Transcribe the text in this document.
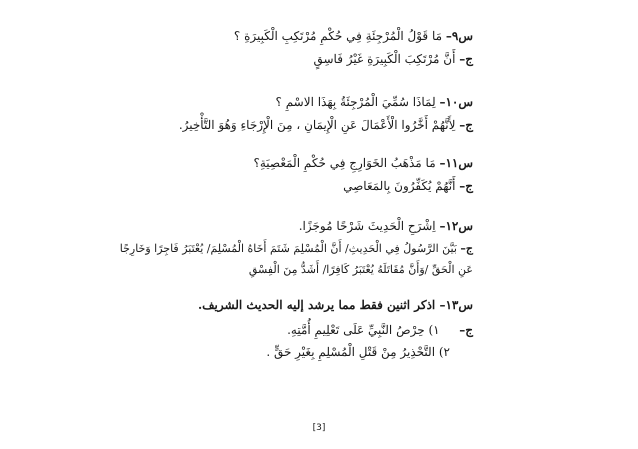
س٩– مَا قَوْلُ الْمُرْجِئَةِ فِي حُكْمِ مُرْتَكِبِ الْكَبِيرَةِ ؟
ج– أَنَّ مُرْتَكِبَ الْكَبِيرَةِ غَيْرُ فَاسِقٍ
س١٠– لِمَاذَا سُمِّيَ الْمُرْجِئَةُ بِهَذَا الاسْمِ ؟
ج– لِأَنَّهُمْ أَخَّرُوا الْأَعْمَالَ عَنِ الْإِيمَانِ ، مِنَ الْإِرْجَاءِ وَهُوَ التَّأْخِيرُ.
س١١– مَا مَذْهَبُ الخَوَارِجِ فِي حُكْمِ الْمَعْصِيَةِ؟
ج– أَنَّهُمْ يُكَفِّرُونَ بِالمَعَاصِي
س١٢– اِشْرَحِ الْحَدِيثَ شَرْحًا مُوجَزًا.
ج– بَيَّنَ الرَّسُولُ فِي الْحَدِيثِ/ أَنَّ الْمُسْلِمَ شَتَمَ أَخَاهُ الْمُسْلِمَ/ يُعْتَبَرُ فَاجِرًا وَخَارِجًا
عَنِ الْحَقِّ /وَأَنَّ مُقَاتَلَهُ يُعْتَبَرُ كَافِرًا/ أَشَدُّ مِنَ الْفِسْقِ
س١٣– اذكر اثنين فقط مما يرشد إليه الحديث الشريف.
ج–  ١) حِرْصُ النَّبِيِّ عَلَى تَعْلِيمِ أُمَّتِهِ.
٢) التَّحْذِيرُ مِنْ قَتْلِ الْمُسْلِمِ بِغَيْرِ حَقٍّ .
[3]
